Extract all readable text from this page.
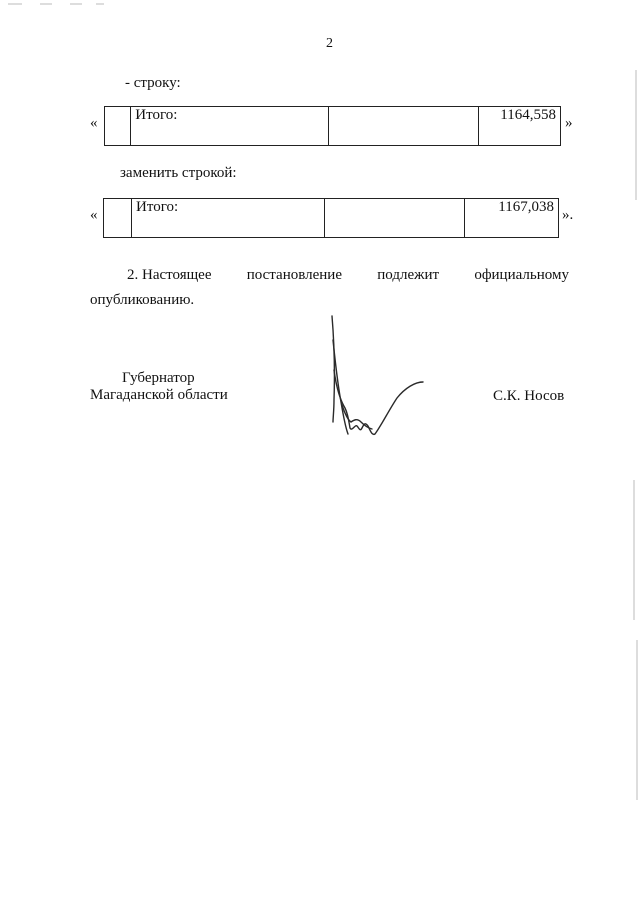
2
- строку:
«
		Итого:		1164,558 »
заменить строкой:
«
		Итого:		1167,038 ».
2. Настоящее постановление подлежит официальному
опубликованию.
Губернатор
Магаданской области	С.К. Носов
